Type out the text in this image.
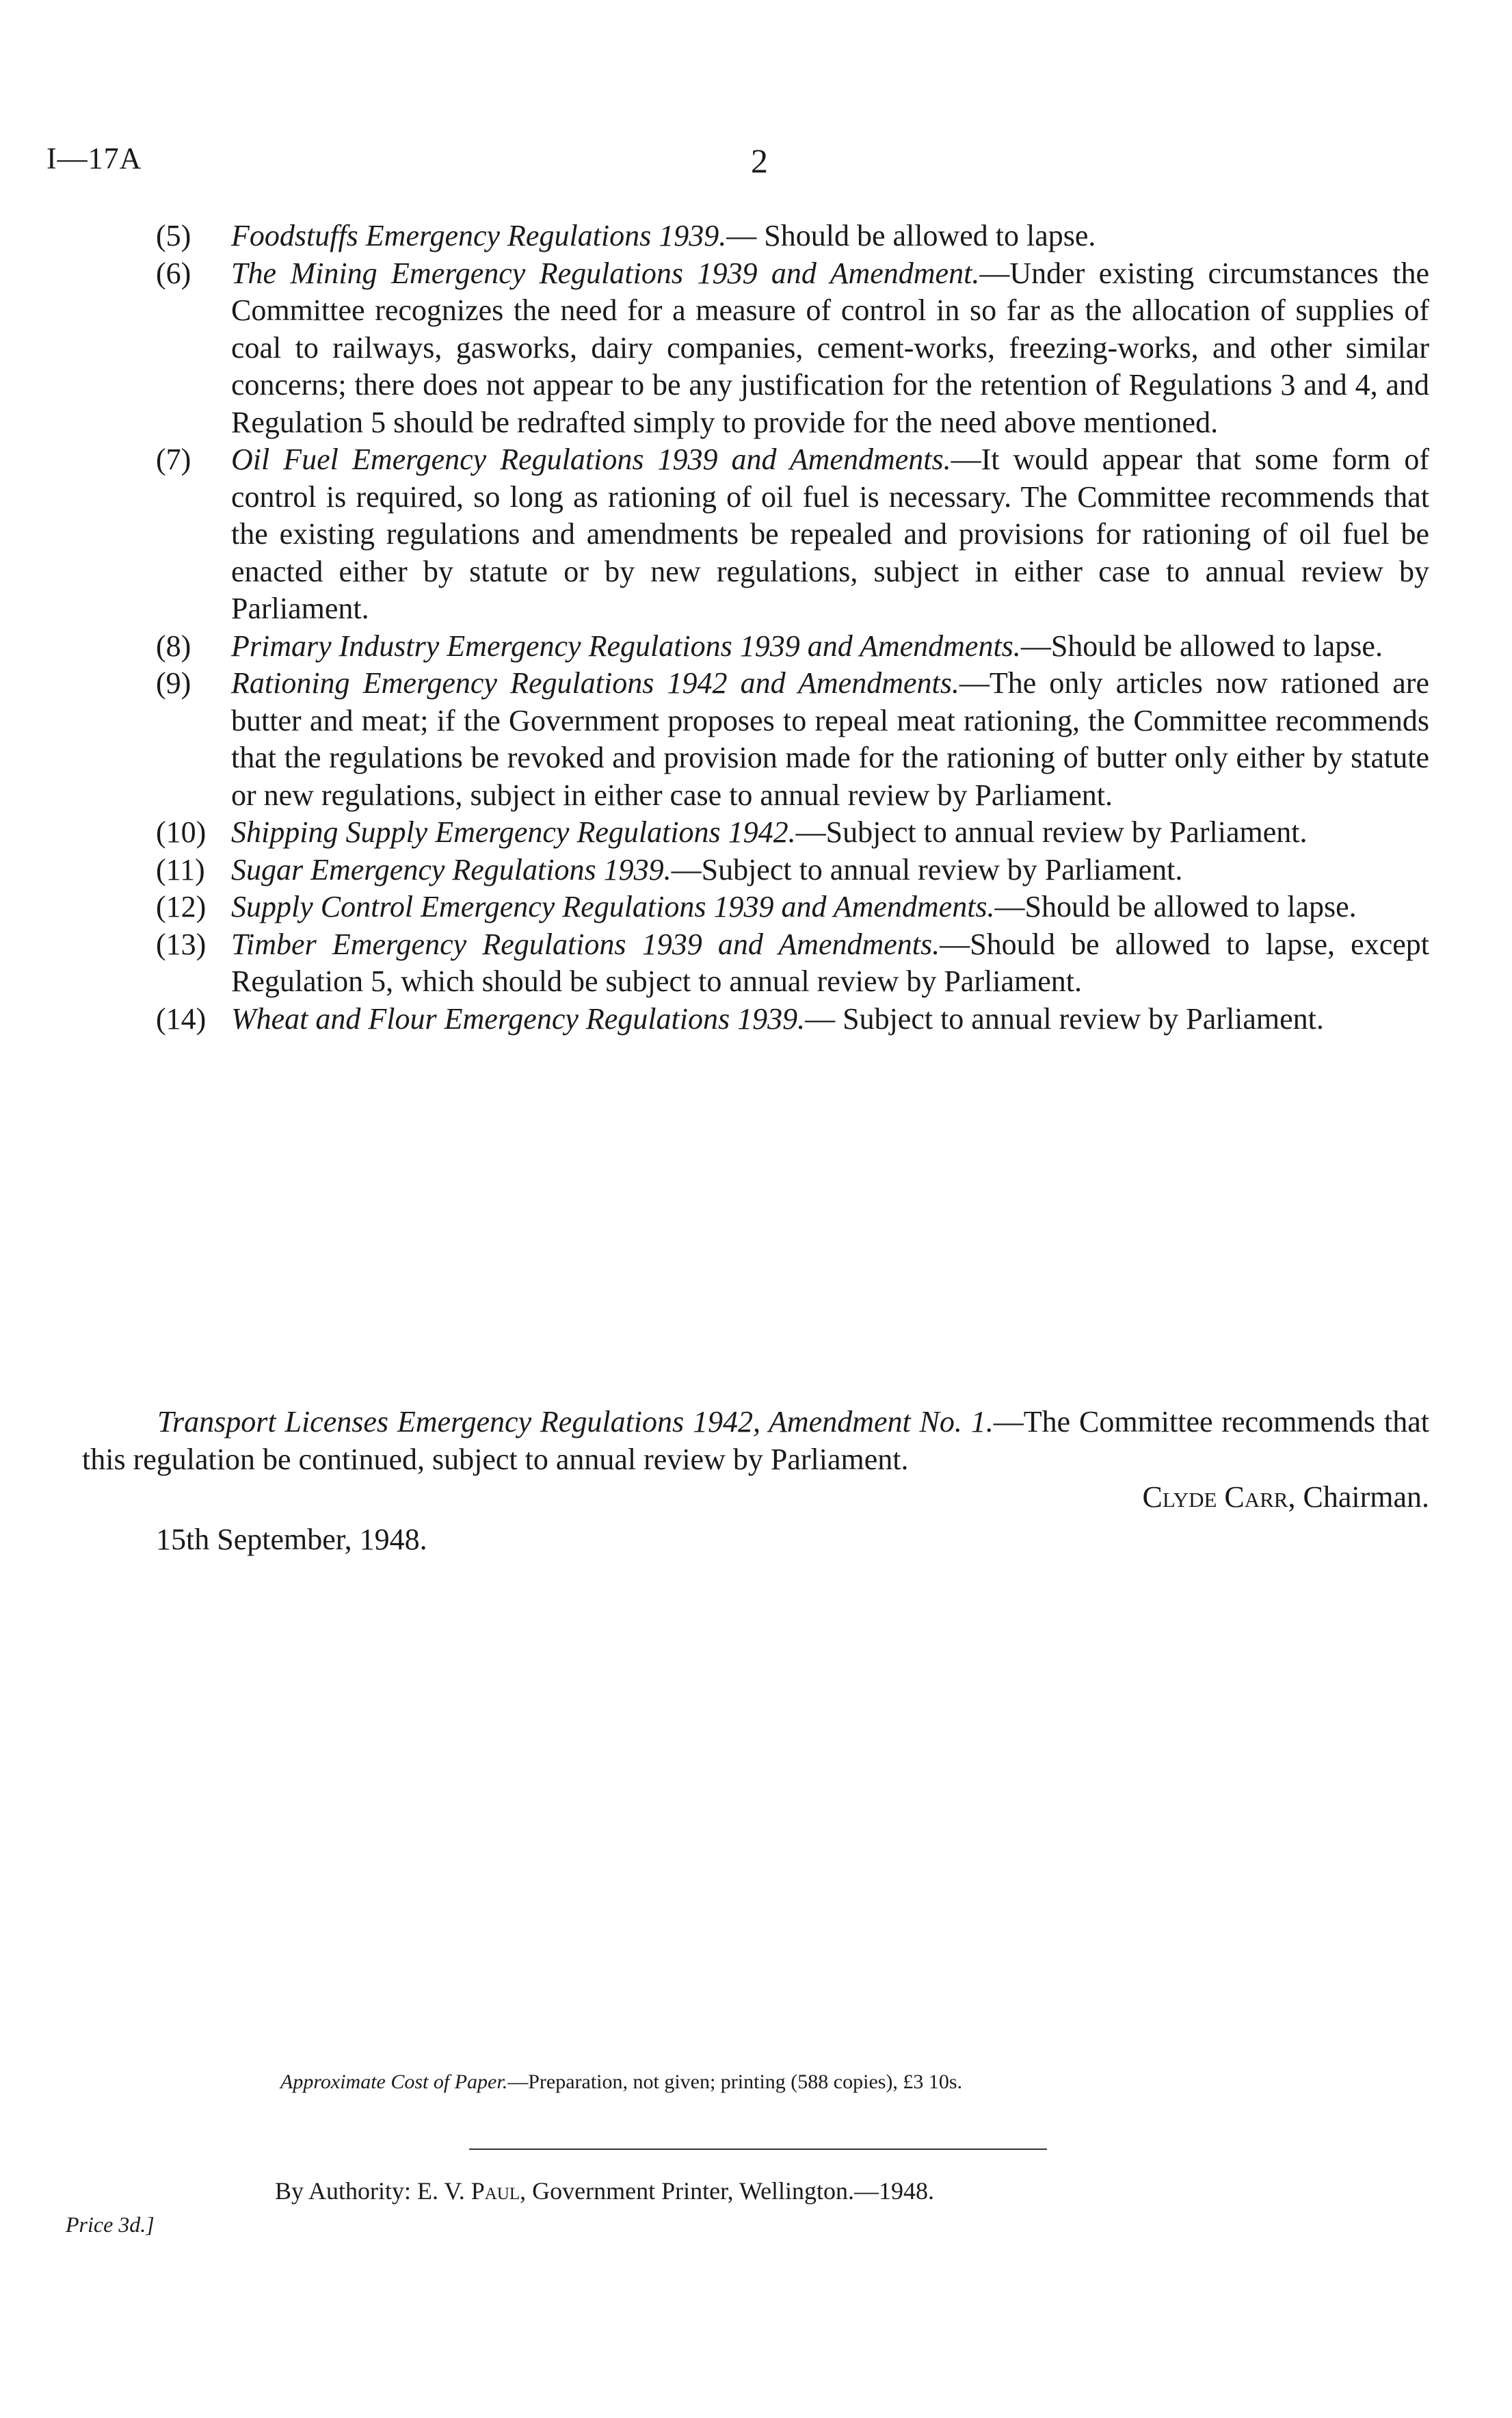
I—17A	2
(5)	Foodstuffs Emergency Regulations 1939.— Should be allowed to lapse.
(6)	The Mining Emergency Regulations 1939 and Amendment.—Under existing circumstances the Committee recognizes the need for a measure of control in so far as the allocation of supplies of coal to railways, gasworks, dairy companies, cement-works, freezing-works, and other similar concerns; there does not appear to be any justification for the retention of Regulations 3 and 4, and Regulation 5 should be redrafted simply to provide for the need above mentioned.
(7)	Oil Fuel Emergency Regulations 1939 and Amendments.—It would appear that some form of control is required, so long as rationing of oil fuel is necessary. The Committee recommends that the existing regulations and amendments be repealed and provisions for rationing of oil fuel be enacted either by statute or by new regulations, subject in either case to annual review by Parliament.
(8)	Primary Industry Emergency Regulations 1939 and Amendments.—Should be allowed to lapse.
(9)	Rationing Emergency Regulations 1942 and Amendments.—The only articles now rationed are butter and meat; if the Government proposes to repeal meat rationing, the Committee recommends that the regulations be revoked and provision made for the rationing of butter only either by statute or new regulations, subject in either case to annual review by Parliament.
(10) Shipping Supply Emergency Regulations 1942.—Subject to annual review by Parliament.
(11) Sugar Emergency Regulations 1939.—Subject to annual review by Parliament.
(12) Supply Control Emergency Regulations 1939 and Amendments.—Should be allowed to lapse.
(13) Timber Emergency Regulations 1939 and Amendments.—Should be allowed to lapse, except Regulation 5, which should be subject to annual review by Parliament.
(14) Wheat and Flour Emergency Regulations 1939.— Subject to annual review by Parliament.
Transport Licenses Emergency Regulations 1942, Amendment No. 1.—The Committee recommends that this regulation be continued, subject to annual review by Parliament.
Clyde Carr, Chairman.
15th September, 1948.
Approximate Cost of Paper.—Preparation, not given; printing (588 copies), £3 10s.
By Authority: E. V. Paul, Government Printer, Wellington.—1948.
Price 3d.]
